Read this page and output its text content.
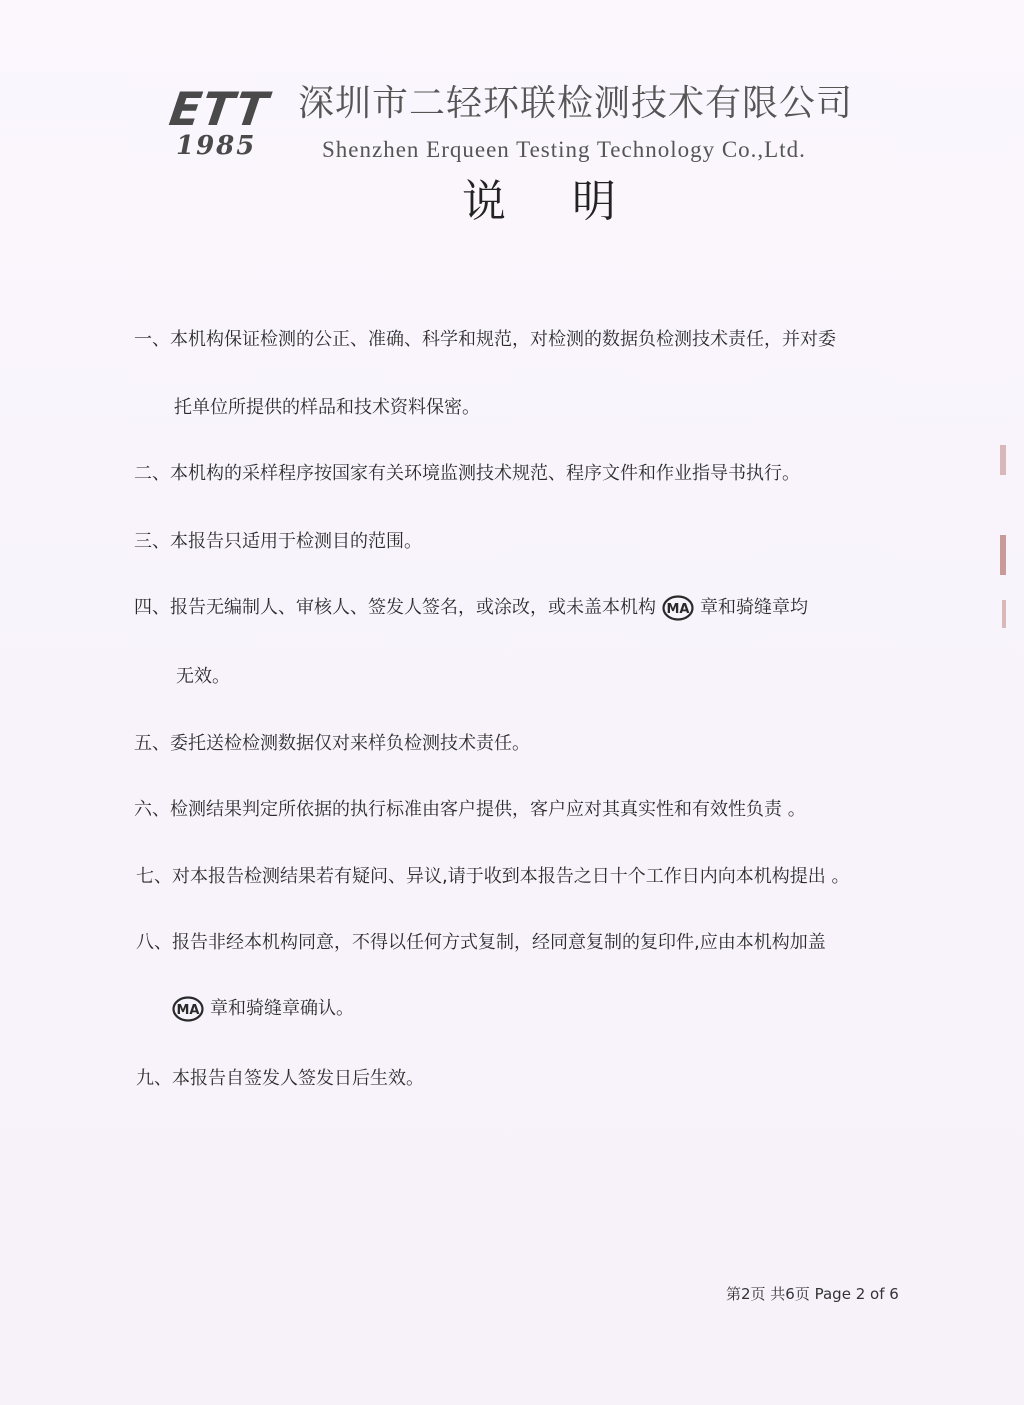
ETT
1985
深圳市二轻环联检测技术有限公司
Shenzhen Erqueen Testing Technology Co.,Ltd.
说明
一、本机构保证检测的公正、准确、科学和规范，对检测的数据负检测技术责任，并对委
托单位所提供的样品和技术资料保密。
二、本机构的采样程序按国家有关环境监测技术规范、程序文件和作业指导书执行。
三、本报告只适用于检测目的范围。
四、报告无编制人、审核人、签发人签名，或涂改，或未盖本机构 MA 章和骑缝章均
无效。
五、委托送检检测数据仅对来样负检测技术责任。
六、检测结果判定所依据的执行标准由客户提供，客户应对其真实性和有效性负责 。
七、对本报告检测结果若有疑问、异议,请于收到本报告之日十个工作日内向本机构提出 。
八、报告非经本机构同意，不得以任何方式复制，经同意复制的复印件,应由本机构加盖
MA 章和骑缝章确认。
九、本报告自签发人签发日后生效。
第2页 共6页 Page 2 of 6
